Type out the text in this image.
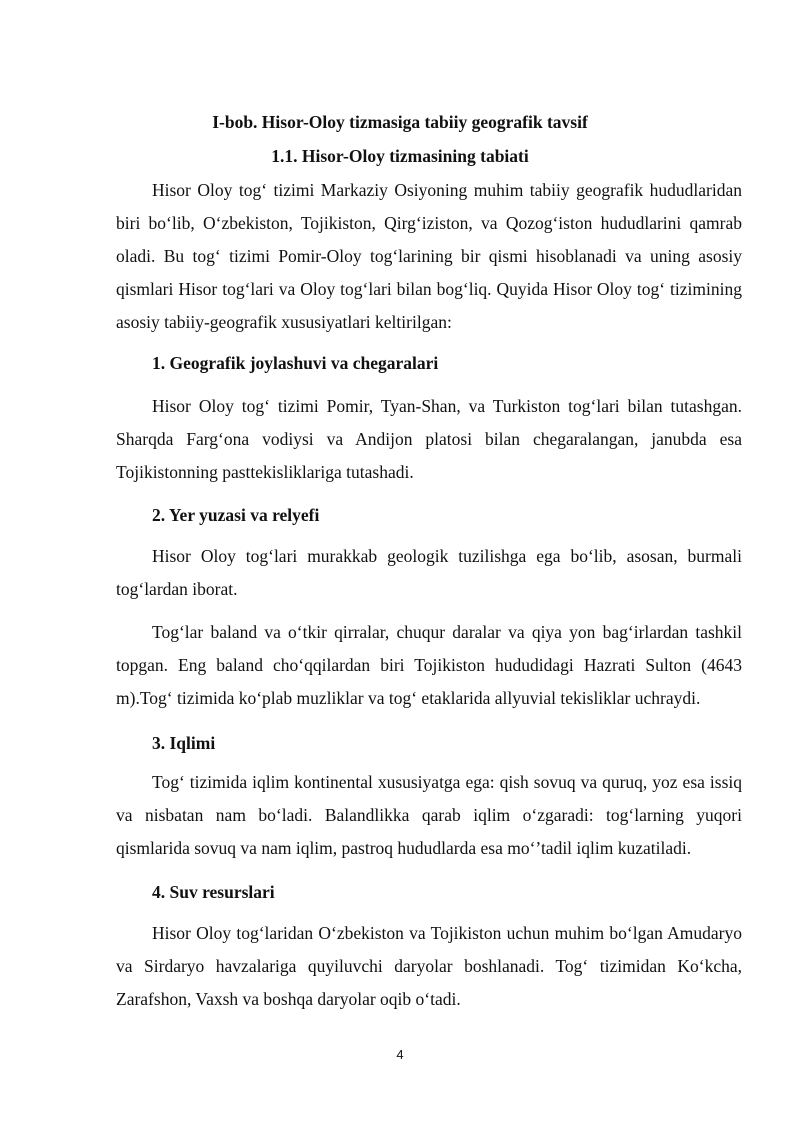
I-bob. Hisor-Oloy tizmasiga tabiiy geografik tavsif
1.1. Hisor-Oloy tizmasining tabiati

Hisor Oloy tog‘ tizimi Markaziy Osiyoning muhim tabiiy geografik hududlaridan biri bo‘lib, O‘zbekiston, Tojikiston, Qirg‘iziston, va Qozog‘iston hududlarini qamrab oladi. Bu tog‘ tizimi Pomir-Oloy tog‘larining bir qismi hisoblanadi va uning asosiy qismlari Hisor tog‘lari va Oloy tog‘lari bilan bog‘liq. Quyida Hisor Oloy tog‘ tizimining asosiy tabiiy-geografik xususiyatlari keltirilgan:

1. Geografik joylashuvi va chegaralari

Hisor Oloy tog‘ tizimi Pomir, Tyan-Shan, va Turkiston tog‘lari bilan tutashgan. Sharqda Farg‘ona vodiysi va Andijon platosi bilan chegaralangan, janubda esa Tojikistonning pasttekisliklariga tutashadi.

2. Yer yuzasi va relyefi

Hisor Oloy tog‘lari murakkab geologik tuzilishga ega bo‘lib, asosan, burmali tog‘lardan iborat.

Tog‘lar baland va o‘tkir qirralar, chuqur daralar va qiya yon bag‘irlardan tashkil topgan. Eng baland cho‘qqilardan biri Tojikiston hududidagi Hazrati Sulton (4643 m).Tog‘ tizimida ko‘plab muzliklar va tog‘ etaklarida allyuvial tekisliklar uchraydi.

3. Iqlimi

Tog‘ tizimida iqlim kontinental xususiyatga ega: qish sovuq va quruq, yoz esa issiq va nisbatan nam bo‘ladi. Balandlikka qarab iqlim o‘zgaradi: tog‘larning yuqori qismlarida sovuq va nam iqlim, pastroq hududlarda esa mo‘’tadil iqlim kuzatiladi.

4. Suv resurslari

Hisor Oloy tog‘laridan O‘zbekiston va Tojikiston uchun muhim bo‘lgan Amudaryo va Sirdaryo havzalariga quyiluvchi daryolar boshlanadi. Tog‘ tizimidan Ko‘kcha, Zarafshon, Vaxsh va boshqa daryolar oqib o‘tadi.

4
